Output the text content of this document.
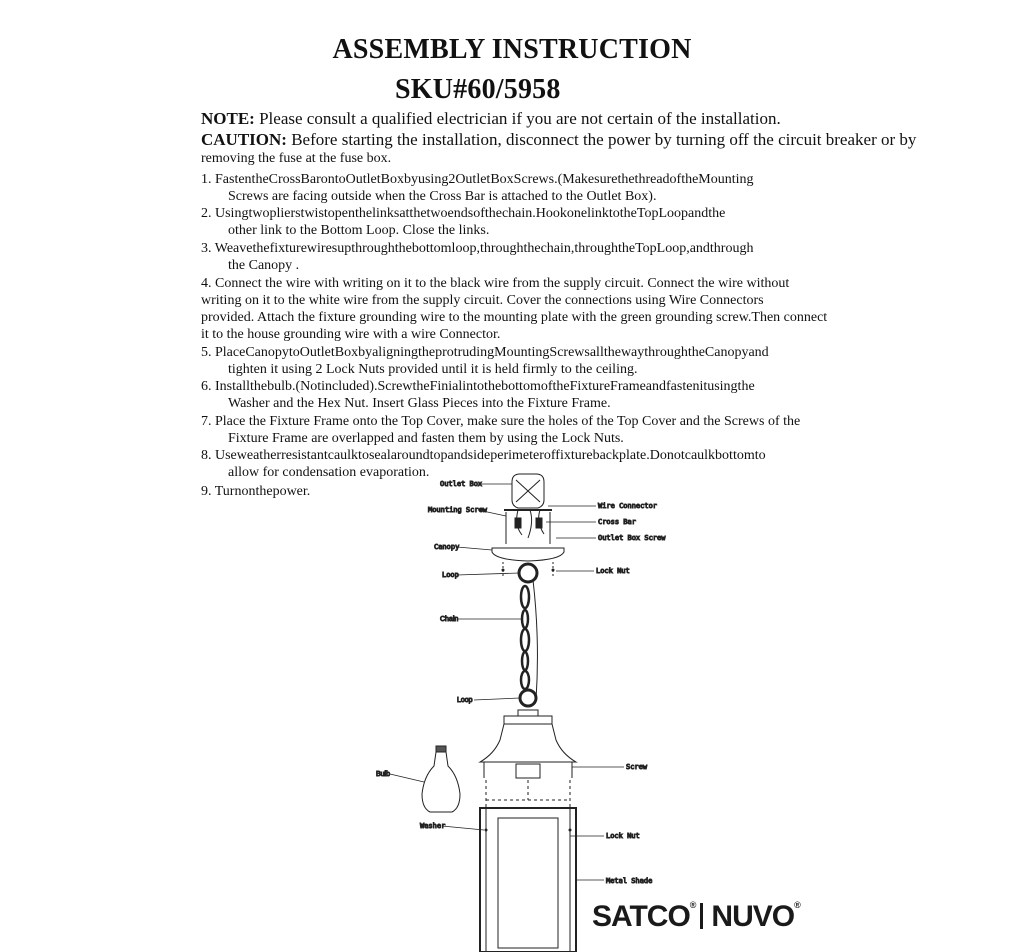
ASSEMBLY INSTRUCTION
SKU#60/5958
NOTE: Please consult a qualified electrician if you are not certain of the installation.
CAUTION: Before starting the installation, disconnect the power by turning off the circuit breaker or by
removing the fuse at the fuse box.
1. FastentheCrossBarontoOutletBoxbyusing2OutletBoxScrews.(MakesurethethreadoftheMounting
Screws are facing outside when the Cross Bar is attached to the Outlet Box).
2. Usingtwoplierstwistopenthelinksatthetwoendsofthechain.HookonelinktotheTopLoopandthe
other link to the Bottom Loop. Close the links.
3. Weavethefixturewiresupthroughthebottomloop,throughthechain,throughtheTopLoop,andthrough
the Canopy .
4. Connect the wire with writing on it to the black wire from the supply circuit. Connect the wire without
writing on it to the white wire from the supply circuit. Cover the connections using Wire Connectors
provided. Attach the fixture grounding wire to the mounting plate with the green grounding screw.Then connect
it to the house grounding wire with a wire Connector.
5. PlaceCanopytoOutletBoxbyaligningtheprotrudingMountingScrewsallthewaythroughtheCanopyand
tighten it using 2 Lock Nuts provided until it is held firmly to the ceiling.
6. Installthebulb.(Notincluded).ScrewtheFinialintothebottomoftheFixtureFrameandfastenitusingthe
Washer and the Hex Nut. Insert Glass Pieces into the Fixture Frame.
7. Place the Fixture Frame onto the Top Cover, make sure the holes of the Top Cover and the Screws of the
Fixture Frame are overlapped and fasten them by using the Lock Nuts.
8. Useweatherresistantcaulktosealaroundtopandsideperimeteroffixturebackplate.Donotcaulkbottomto
allow for condensation evaporation.
9. Turnonthepower.	Outlet Box
Mounting Screw	Wire Connector
Cross Bar
Outlet Box Screw
Canopy
Loop	Lock Nut
Chain
Loop
Screw
Bulb
Washer
Lock Nut
Metal Shade
SATCO® NUVO®
